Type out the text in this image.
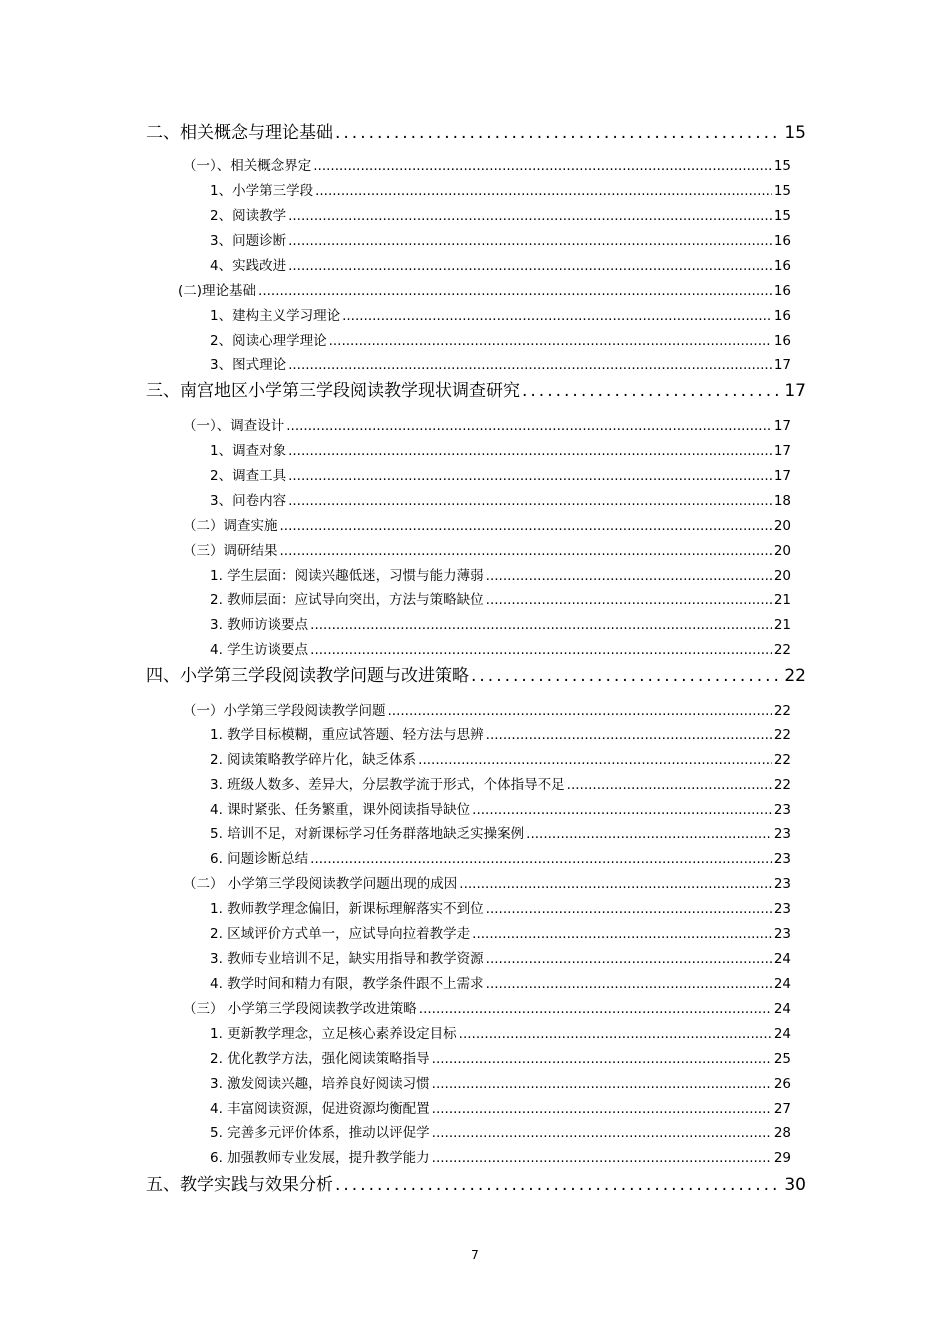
二、相关概念与理论基础 .....	15
（一）、相关概念界定 .....	15
1、小学第三学段 .....	15
2、阅读教学 .....	15
3、问题诊断 .....	16
4、实践改进 .....	16
(二)理论基础 .....	16
1、建构主义学习理论 .....	16
2、阅读心理学理论 .....	16
3、图式理论 .....	17
三、南宫地区小学第三学段阅读教学现状调查研究 .....	17
（一）、调查设计 .....	17
1、调查对象 .....	17
2、调查工具 .....	17
3、问卷内容 .....	18
（二）调查实施 .....	20
（三）调研结果 .....	20
1. 学生层面：阅读兴趣低迷，习惯与能力薄弱 .....	20
2. 教师层面：应试导向突出，方法与策略缺位 .....	21
3. 教师访谈要点 .....	21
4. 学生访谈要点 .....	22
四、小学第三学段阅读教学问题与改进策略 .....	22
（一）小学第三学段阅读教学问题 .....	22
1. 教学目标模糊，重应试答题、轻方法与思辨 .....	22
2. 阅读策略教学碎片化，缺乏体系 .....	22
3. 班级人数多、差异大，分层教学流于形式，个体指导不足 .....	22
4. 课时紧张、任务繁重，课外阅读指导缺位 .....	23
5. 培训不足，对新课标学习任务群落地缺乏实操案例 .....	23
6. 问题诊断总结 .....	23
（二） 小学第三学段阅读教学问题出现的成因 .....	23
1. 教师教学理念偏旧，新课标理解落实不到位 .....	23
2. 区域评价方式单一，应试导向拉着教学走 .....	23
3. 教师专业培训不足，缺实用指导和教学资源 .....	24
4. 教学时间和精力有限，教学条件跟不上需求 .....	24
（三） 小学第三学段阅读教学改进策略 .....	24
1. 更新教学理念，立足核心素养设定目标 .....	24
2. 优化教学方法，强化阅读策略指导 .....	25
3. 激发阅读兴趣，培养良好阅读习惯 .....	26
4. 丰富阅读资源，促进资源均衡配置 .....	27
5. 完善多元评价体系，推动以评促学 .....	28
6. 加强教师专业发展，提升教学能力 .....	29
五、教学实践与效果分析 .....	30
7
